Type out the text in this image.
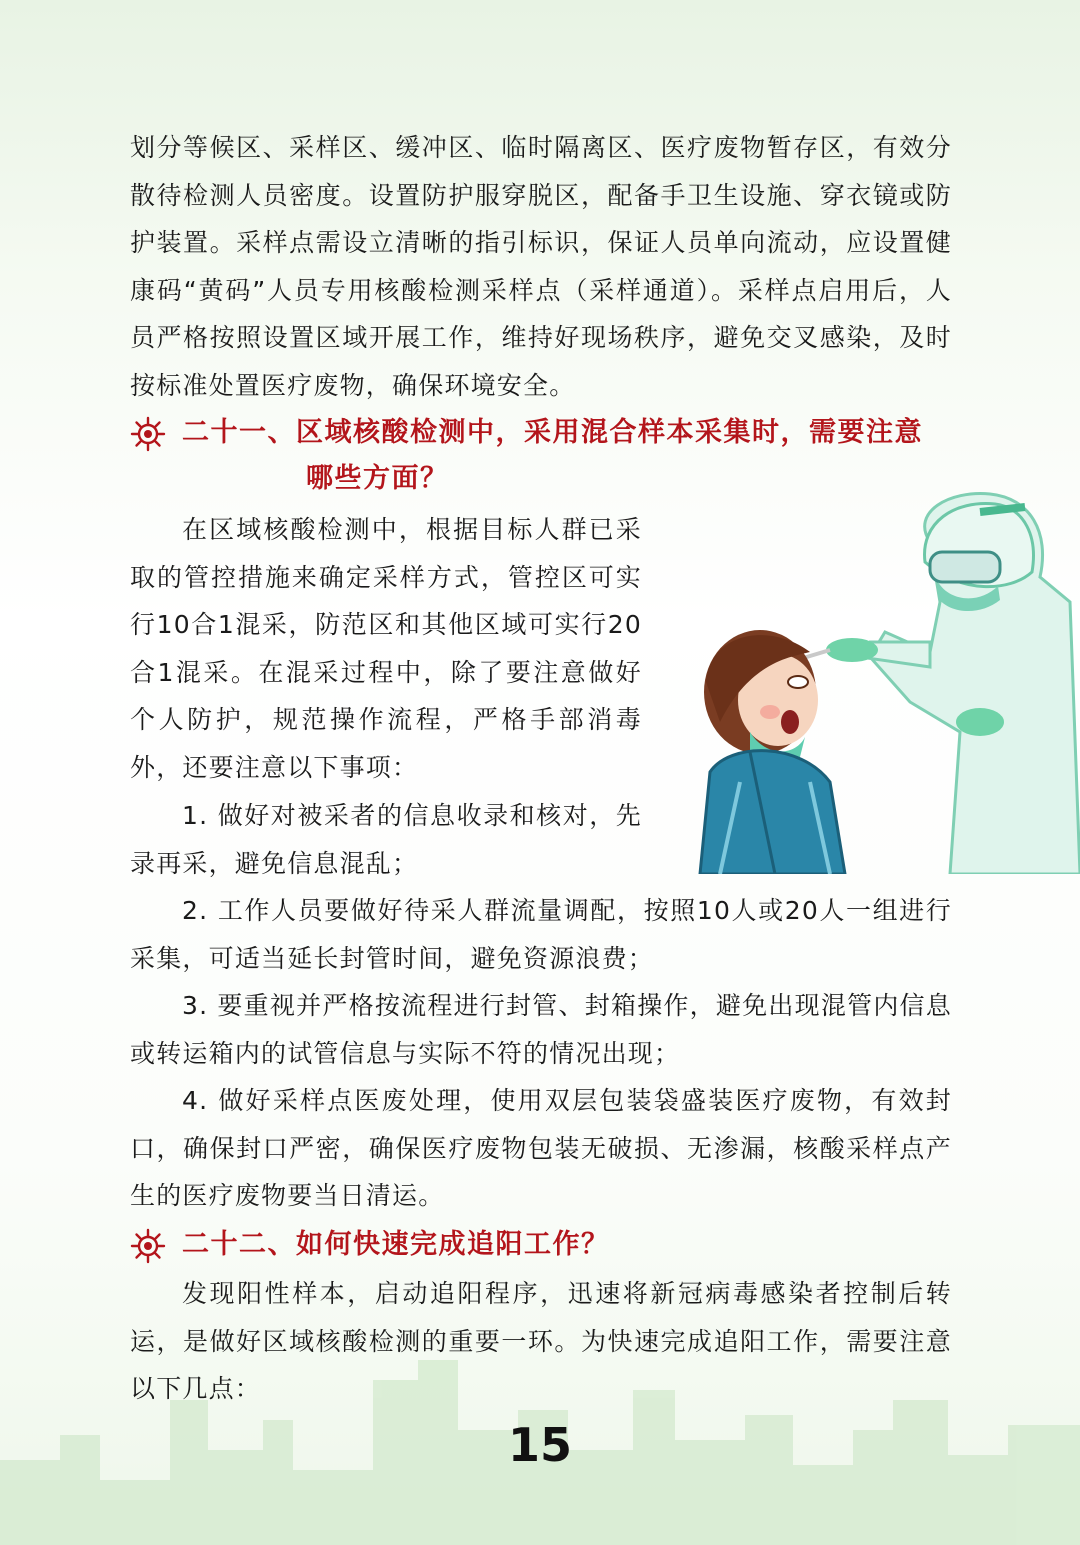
划分等候区、采样区、缓冲区、临时隔离区、医疗废物暂存区，有效分散待检测人员密度。设置防护服穿脱区，配备手卫生设施、穿衣镜或防护装置。采样点需设立清晰的指引标识，保证人员单向流动，应设置健康码“黄码”人员专用核酸检测采样点（采样通道）。采样点启用后，人员严格按照设置区域开展工作，维持好现场秩序，避免交叉感染，及时按标准处置医疗废物，确保环境安全。

二十一、区域核酸检测中，采用混合样本采集时，需要注意
哪些方面？

在区域核酸检测中，根据目标人群已采取的管控措施来确定采样方式，管控区可实行10合1混采，防范区和其他区域可实行20合1混采。在混采过程中，除了要注意做好个人防护，规范操作流程，严格手部消毒外，还要注意以下事项：

1. 做好对被采者的信息收录和核对，先录再采，避免信息混乱；

2. 工作人员要做好待采人群流量调配，按照10人或20人一组进行采集，可适当延长封管时间，避免资源浪费；

3. 要重视并严格按流程进行封管、封箱操作，避免出现混管内信息或转运箱内的试管信息与实际不符的情况出现；

4. 做好采样点医废处理，使用双层包装袋盛装医疗废物，有效封口，确保封口严密，确保医疗废物包装无破损、无渗漏，核酸采样点产生的医疗废物要当日清运。

二十二、如何快速完成追阳工作？

发现阳性样本，启动追阳程序，迅速将新冠病毒感染者控制后转运，是做好区域核酸检测的重要一环。为快速完成追阳工作，需要注意以下几点：

15
